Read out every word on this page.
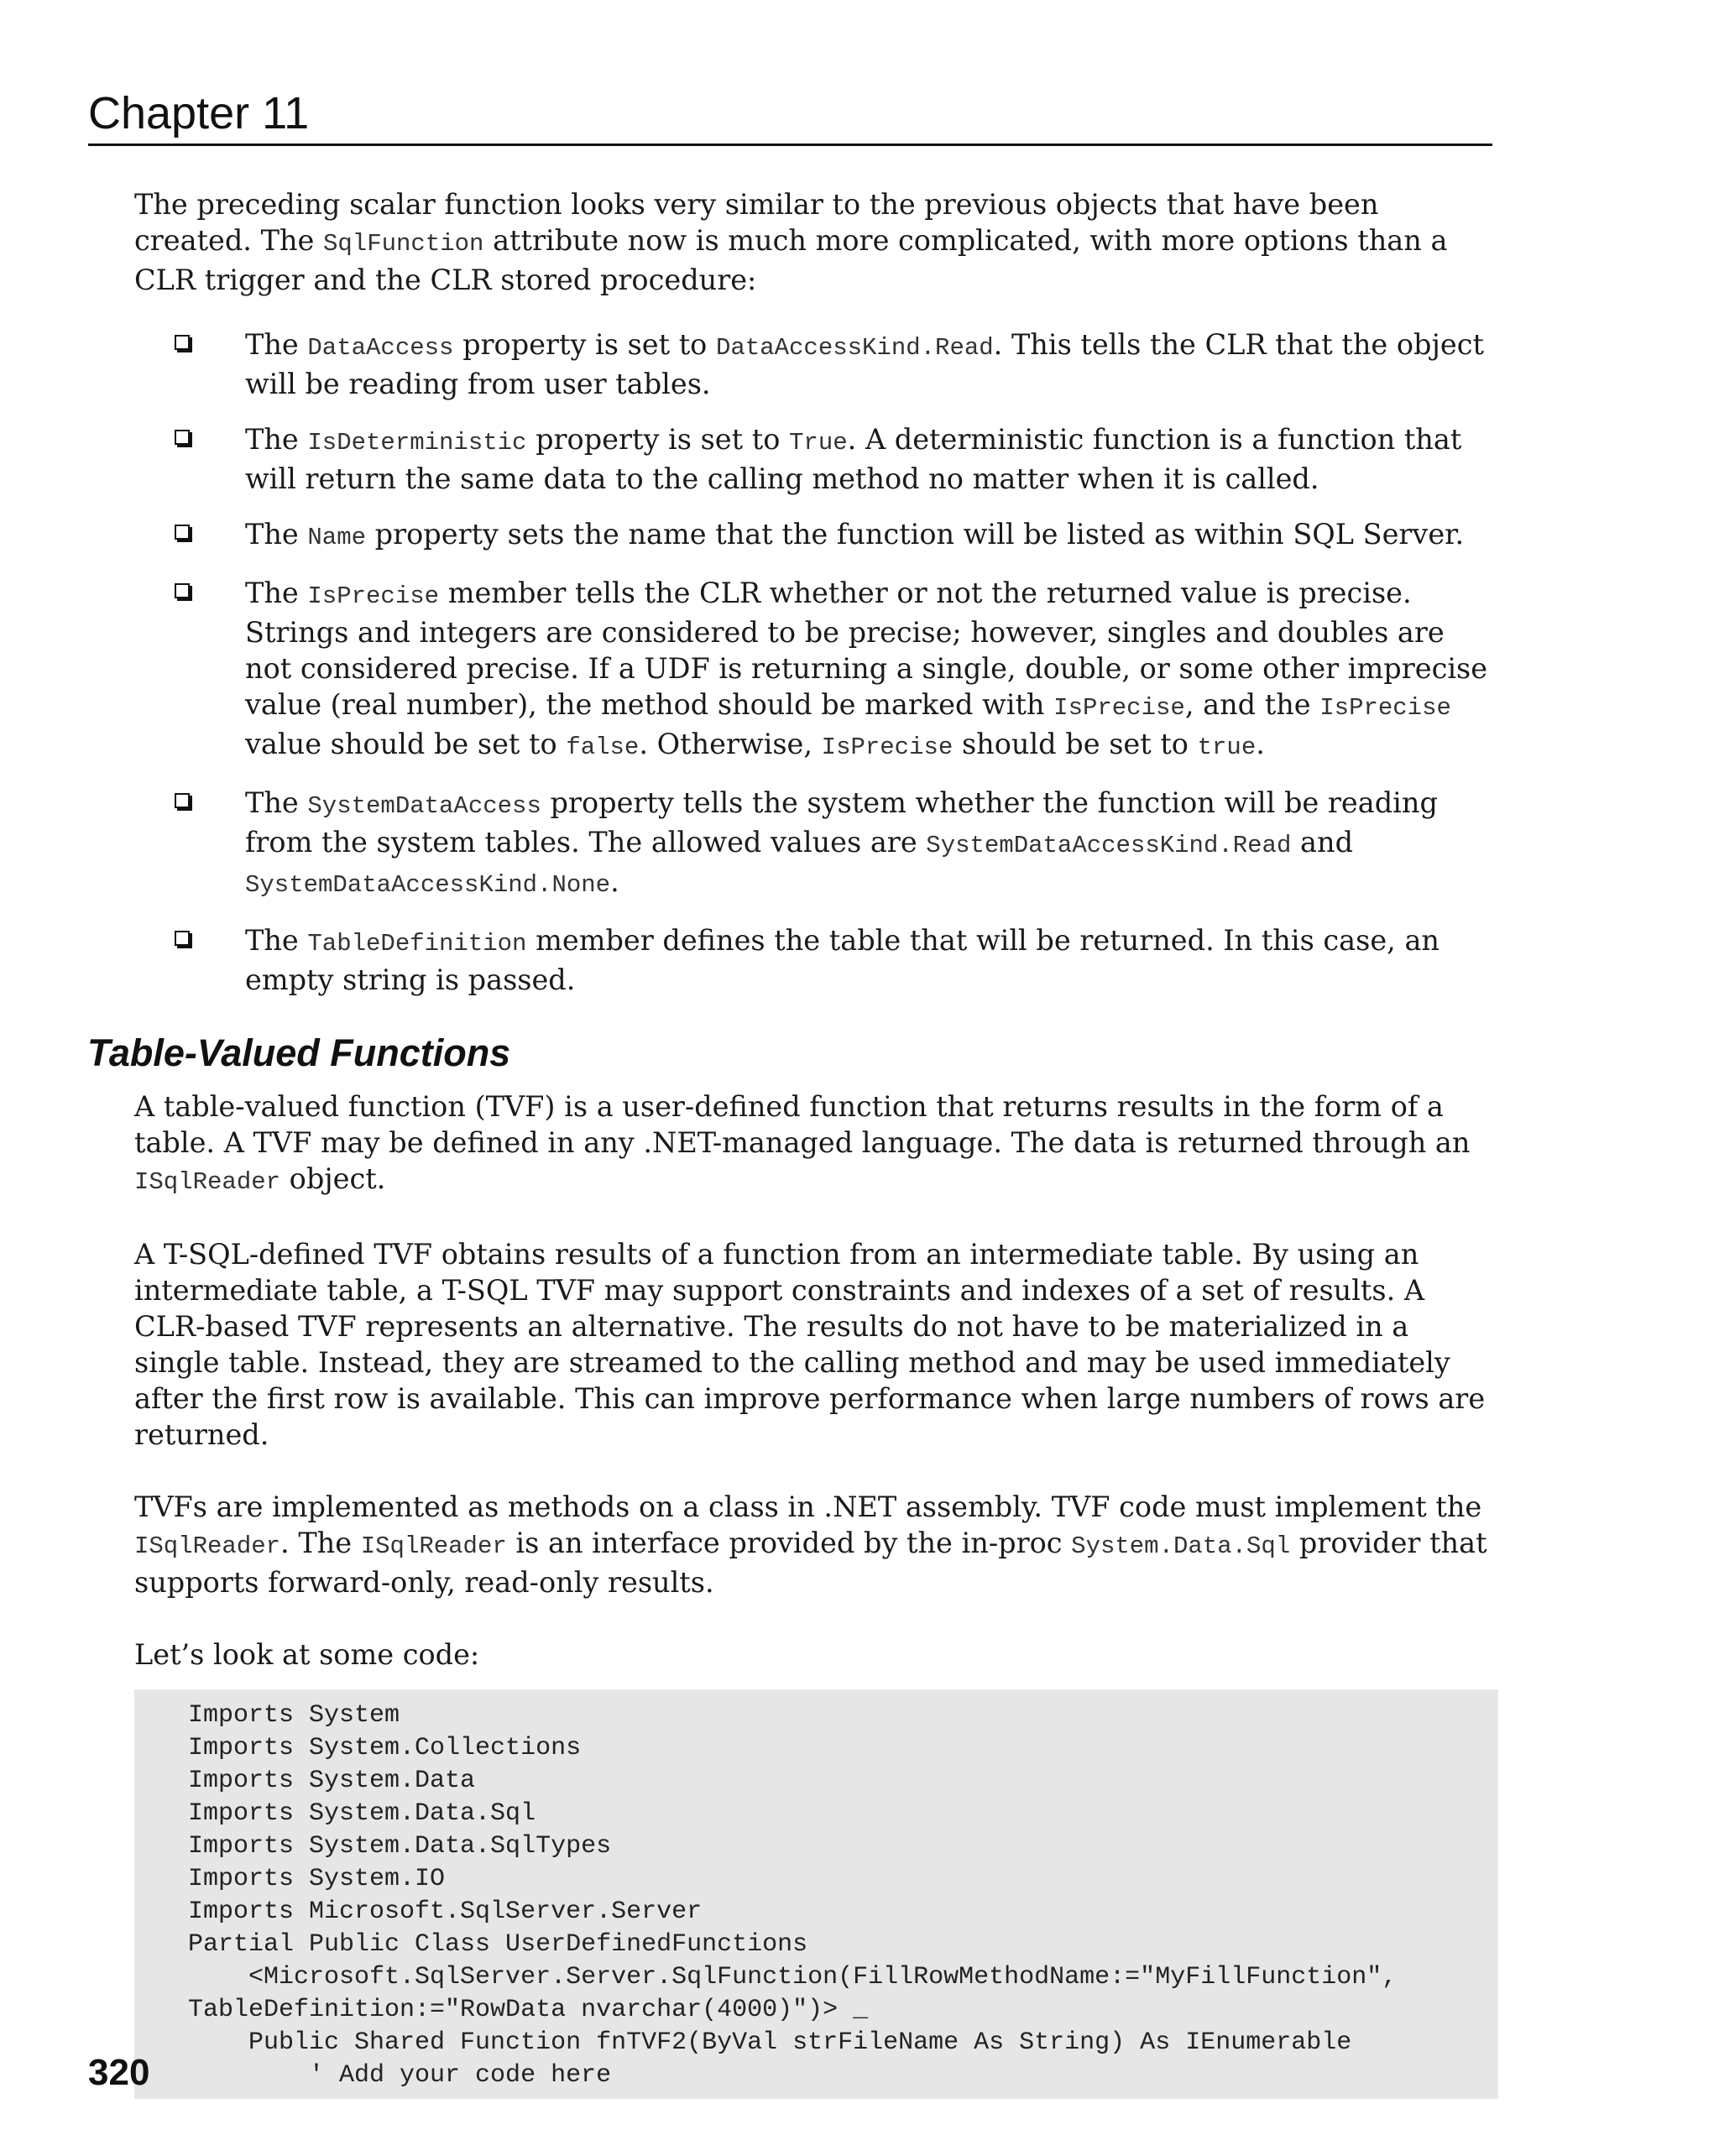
Chapter 11

The preceding scalar function looks very similar to the previous objects that have been created. The SqlFunction attribute now is much more complicated, with more options than a CLR trigger and the CLR stored procedure:

The DataAccess property is set to DataAccessKind.Read. This tells the CLR that the object will be reading from user tables.
The IsDeterministic property is set to True. A deterministic function is a function that will return the same data to the calling method no matter when it is called.
The Name property sets the name that the function will be listed as within SQL Server.
The IsPrecise member tells the CLR whether or not the returned value is precise. Strings and integers are considered to be precise; however, singles and doubles are not considered precise. If a UDF is returning a single, double, or some other imprecise value (real number), the method should be marked with IsPrecise, and the IsPrecise value should be set to false. Otherwise, IsPrecise should be set to true.
The SystemDataAccess property tells the system whether the function will be reading from the system tables. The allowed values are SystemDataAccessKind.Read and SystemDataAccessKind.None.
The TableDefinition member defines the table that will be returned. In this case, an empty string is passed.
Table-Valued Functions

A table-valued function (TVF) is a user-defined function that returns results in the form of a table. A TVF may be defined in any .NET-managed language. The data is returned through an ISqlReader object.

A T-SQL-defined TVF obtains results of a function from an intermediate table. By using an intermediate table, a T-SQL TVF may support constraints and indexes of a set of results. A CLR-based TVF represents an alternative. The results do not have to be materialized in a single table. Instead, they are streamed to the calling method and may be used immediately after the first row is available. This can improve performance when large numbers of rows are returned.

TVFs are implemented as methods on a class in .NET assembly. TVF code must implement the ISqlReader. The ISqlReader is an interface provided by the in-proc System.Data.Sql provider that supports forward-only, read-only results.

Let’s look at some code:

Imports System
Imports System.Collections
Imports System.Data
Imports System.Data.Sql
Imports System.Data.SqlTypes
Imports System.IO
Imports Microsoft.SqlServer.Server
Partial Public Class UserDefinedFunctions
<Microsoft.SqlServer.Server.SqlFunction(FillRowMethodName:="MyFillFunction",
TableDefinition:="RowData nvarchar(4000)")> _
Public Shared Function fnTVF2(ByVal strFileName As String) As IEnumerable
' Add your code here
320
